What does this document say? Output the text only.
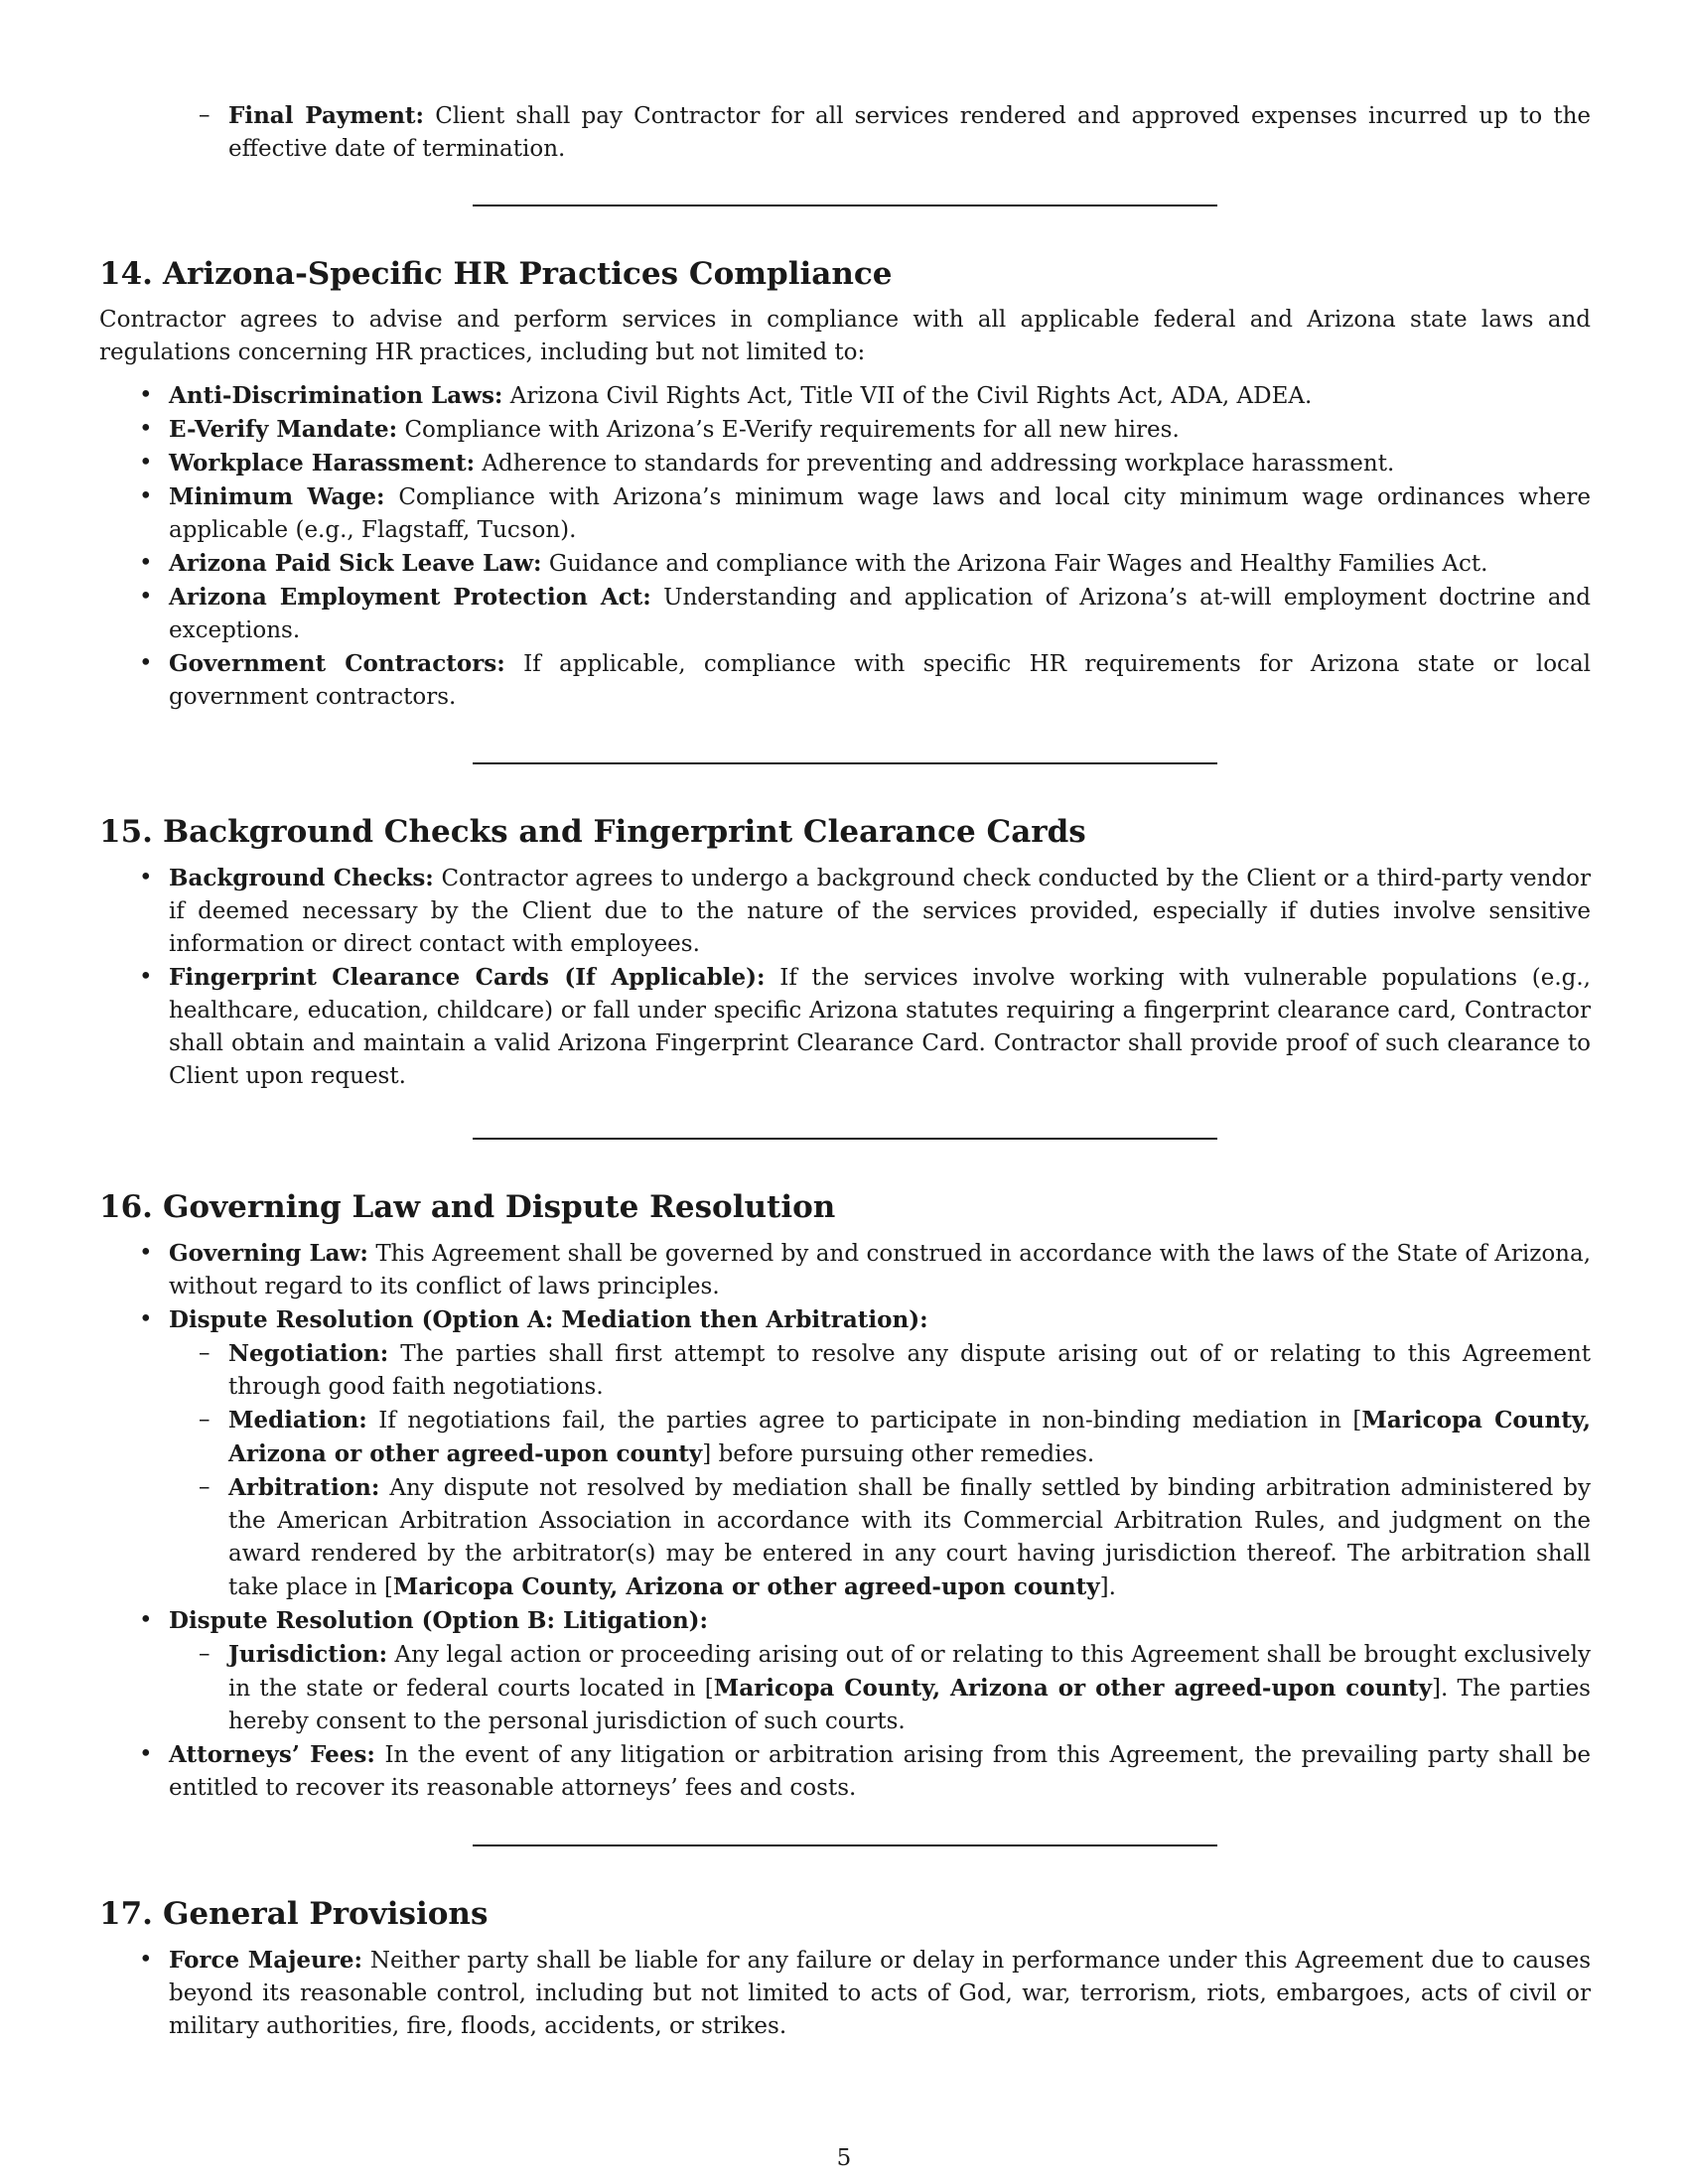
– Final Payment: Client shall pay Contractor for all services rendered and approved expenses incurred up to the effective date of termination.
14. Arizona-Specific HR Practices Compliance

Contractor agrees to advise and perform services in compliance with all applicable federal and Arizona state laws and regulations concerning HR practices, including but not limited to:

• Anti-Discrimination Laws: Arizona Civil Rights Act, Title VII of the Civil Rights Act, ADA, ADEA.
• E-Verify Mandate: Compliance with Arizona’s E-Verify requirements for all new hires.
• Workplace Harassment: Adherence to standards for preventing and addressing workplace harassment.
• Minimum Wage: Compliance with Arizona’s minimum wage laws and local city minimum wage ordinances where applicable (e.g., Flagstaff, Tucson).
• Arizona Paid Sick Leave Law: Guidance and compliance with the Arizona Fair Wages and Healthy Families Act.
• Arizona Employment Protection Act: Understanding and application of Arizona’s at-will employment doctrine and exceptions.
• Government Contractors: If applicable, compliance with specific HR requirements for Arizona state or local government contractors.
15. Background Checks and Fingerprint Clearance Cards
• Background Checks: Contractor agrees to undergo a background check conducted by the Client or a third-party vendor if deemed necessary by the Client due to the nature of the services provided, especially if duties involve sensitive information or direct contact with employees.
• Fingerprint Clearance Cards (If Applicable): If the services involve working with vulnerable populations (e.g., healthcare, education, childcare) or fall under specific Arizona statutes requiring a fingerprint clearance card, Contractor shall obtain and maintain a valid Arizona Fingerprint Clearance Card. Contractor shall provide proof of such clearance to Client upon request.
16. Governing Law and Dispute Resolution
• Governing Law: This Agreement shall be governed by and construed in accordance with the laws of the State of Arizona, without regard to its conflict of laws principles.
• Dispute Resolution (Option A: Mediation then Arbitration):
– Negotiation: The parties shall first attempt to resolve any dispute arising out of or relating to this Agreement through good faith negotiations.
– Mediation: If negotiations fail, the parties agree to participate in non-binding mediation in [Maricopa County, Arizona or other agreed-upon county] before pursuing other remedies.
– Arbitration: Any dispute not resolved by mediation shall be finally settled by binding arbitration administered by the American Arbitration Association in accordance with its Commercial Arbitration Rules, and judgment on the award rendered by the arbitrator(s) may be entered in any court having jurisdiction thereof. The arbitration shall take place in [Maricopa County, Arizona or other agreed-upon county].
• Dispute Resolution (Option B: Litigation):
– Jurisdiction: Any legal action or proceeding arising out of or relating to this Agreement shall be brought exclusively in the state or federal courts located in [Maricopa County, Arizona or other agreed-upon county]. The parties hereby consent to the personal jurisdiction of such courts.
• Attorneys’ Fees: In the event of any litigation or arbitration arising from this Agreement, the prevailing party shall be entitled to recover its reasonable attorneys’ fees and costs.
17. General Provisions
• Force Majeure: Neither party shall be liable for any failure or delay in performance under this Agreement due to causes beyond its reasonable control, including but not limited to acts of God, war, terrorism, riots, embargoes, acts of civil or military authorities, fire, floods, accidents, or strikes.
5
